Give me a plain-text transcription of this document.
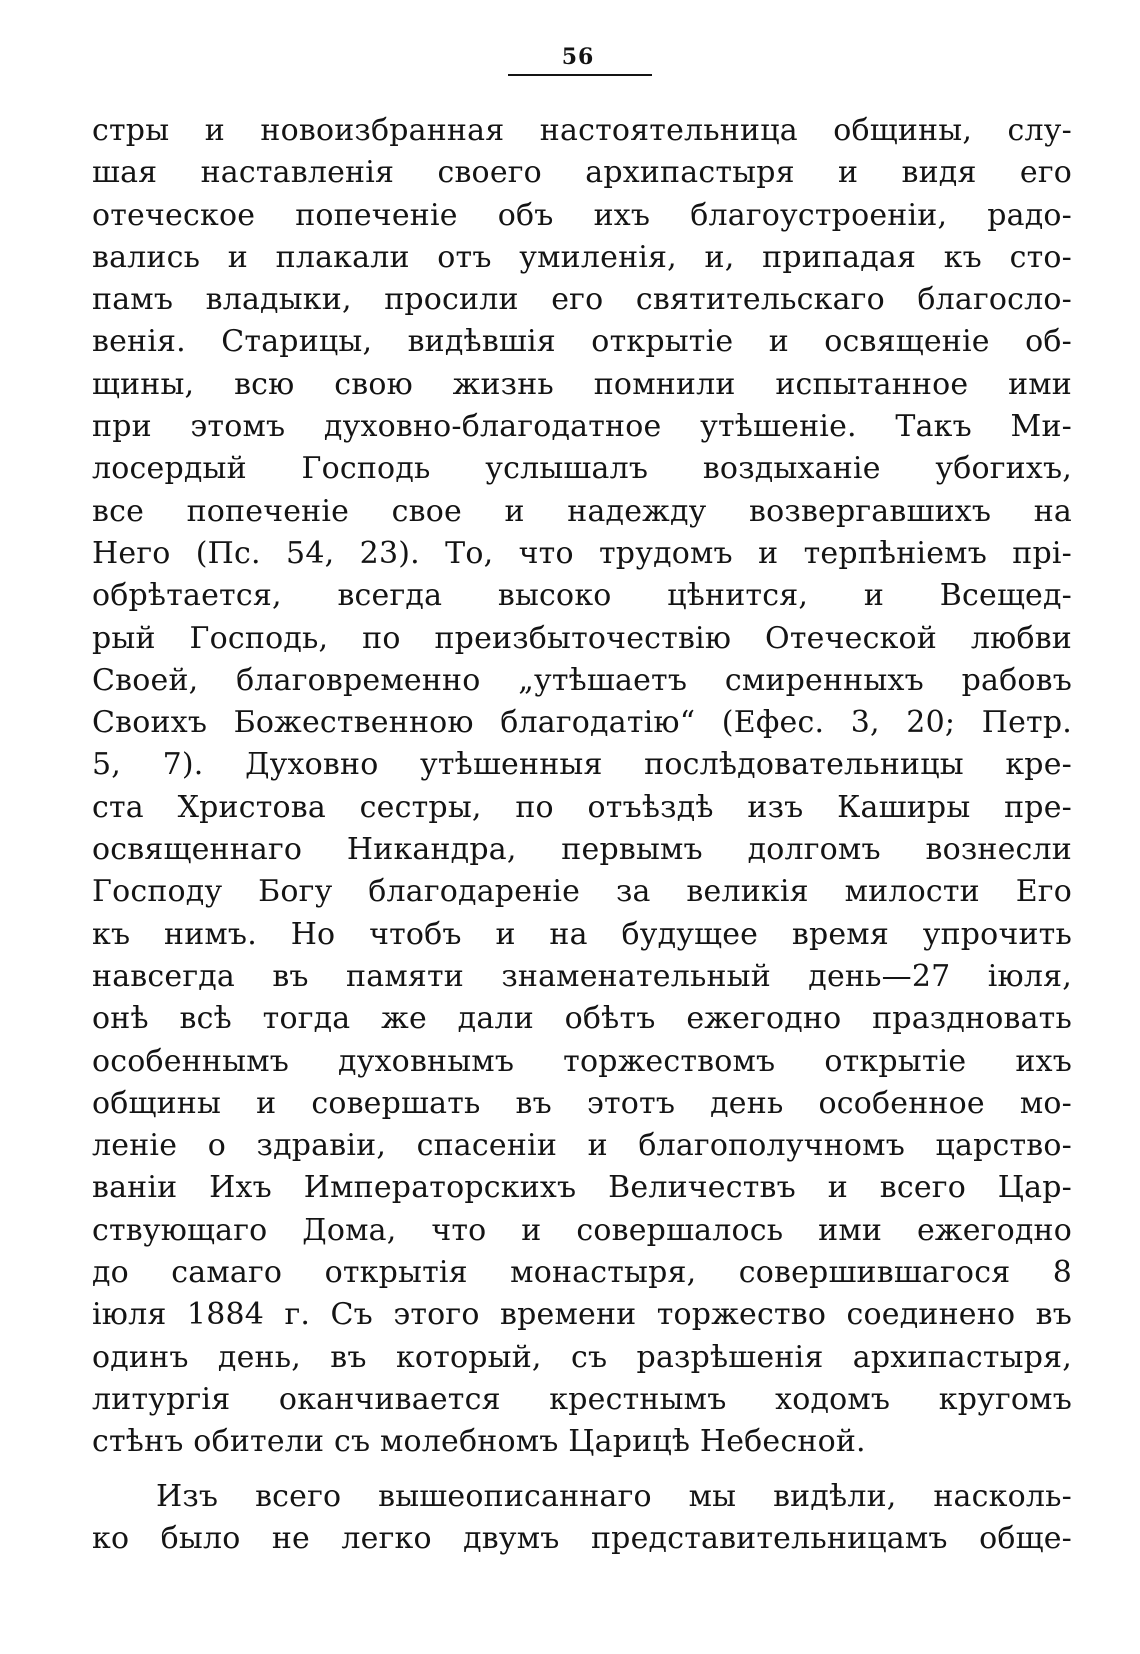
56
стры и новоизбранная настоятельница общины, слу-
шая наставленія своего архипастыря и видя его
отеческое попеченіе объ ихъ благоустроеніи, радо-
вались и плакали отъ умиленія, и, припадая къ сто-
памъ владыки, просили его святительскаго благосло-
венія. Старицы, видѣвшія открытіе и освященіе об-
щины, всю свою жизнь помнили испытанное ими
при этомъ духовно-благодатное утѣшеніе. Такъ Ми-
лосердый Господь услышалъ воздыханіе убогихъ,
все попеченіе свое и надежду возвергавшихъ на
Него (Пс. 54, 23). То, что трудомъ и терпѣніемъ прі-
обрѣтается, всегда высоко цѣнится, и Всещед-
рый Господь, по преизбыточествію Отеческой любви
Своей, благовременно „утѣшаетъ смиренныхъ рабовъ
Своихъ Божественною благодатію“ (Ефес. 3, 20; Петр.
5, 7). Духовно утѣшенныя послѣдовательницы кре-
ста Христова сестры, по отъѣздѣ изъ Каширы пре-
освященнаго Никандра, первымъ долгомъ вознесли
Господу Богу благодареніе за великія милости Его
къ нимъ. Но чтобъ и на будущее время упрочить
навсегда въ памяти знаменательный день—27 іюля,
онѣ всѣ тогда же дали обѣтъ ежегодно праздновать
особеннымъ духовнымъ торжествомъ открытіе ихъ
общины и совершать въ этотъ день особенное мо-
леніе о здравіи, спасеніи и благополучномъ царство-
ваніи Ихъ Императорскихъ Величествъ и всего Цар-
ствующаго Дома, что и совершалось ими ежегодно
до самаго открытія монастыря, совершившагося 8
іюля 1884 г. Съ этого времени торжество соединено въ
одинъ день, въ который, съ разрѣшенія архипастыря,
литургія оканчивается крестнымъ ходомъ кругомъ
стѣнъ обители съ молебномъ Царицѣ Небесной.
Изъ всего вышеописаннаго мы видѣли, насколь-
ко было не легко двумъ представительницамъ обще-
